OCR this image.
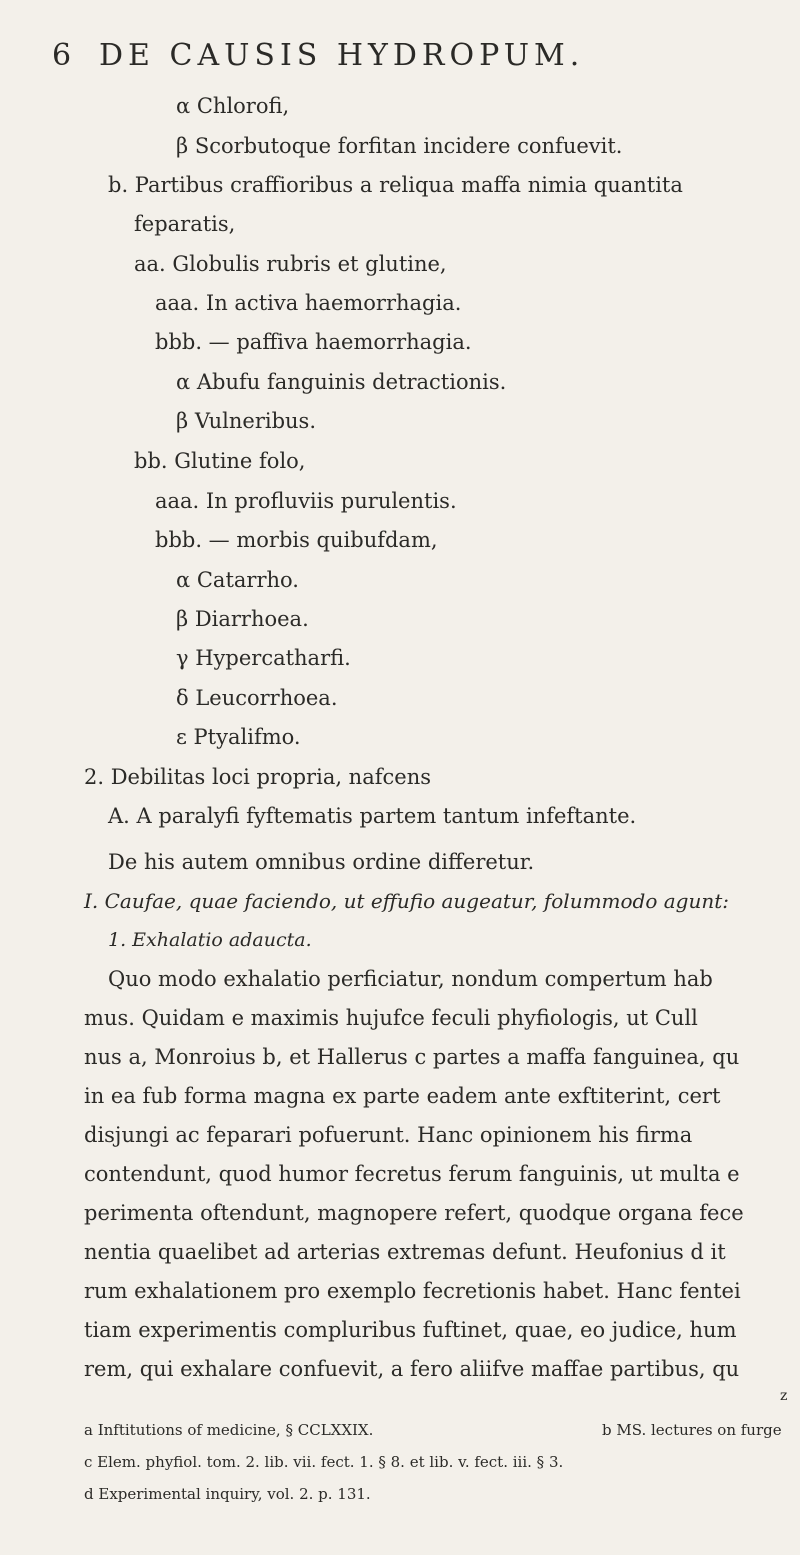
6 DE CAUSIS HYDROPUM.
α Chlorofi,
β Scorbutoque forfitan incidere confuevit.
b. Partibus craffioribus a reliqua maffa nimia quantita
feparatis,
aa. Globulis rubris et glutine,
aaa. In activa haemorrhagia.
bbb. — paffiva haemorrhagia.
α Abufu fanguinis detractionis.
β Vulneribus.
bb. Glutine folo,
aaa. In profluviis purulentis.
bbb. — morbis quibufdam,
α Catarrho.
β Diarrhoea.
γ Hypercatharfi.
δ Leucorrhoea.
ε Ptyalifmo.
2. Debilitas loci propria, nafcens
A. A paralyfi fyftematis partem tantum infeftante.
De his autem omnibus ordine differetur.
I. Caufae, quae faciendo, ut effufio augeatur, folummodo agunt:
1. Exhalatio adaucta.
Quo modo exhalatio perficiatur, nondum compertum hab
mus. Quidam e maximis hujufce feculi phyfiologis, ut Cull
nus a, Monroius b, et Hallerus c partes a maffa fanguinea, qu
in ea fub forma magna ex parte eadem ante exftiterint, cert
disjungi ac feparari pofuerunt. Hanc opinionem his firma
contendunt, quod humor fecretus ferum fanguinis, ut multa e
perimenta oftendunt, magnopere refert, quodque organa fece
nentia quaelibet ad arterias extremas defunt. Heufonius d it
rum exhalationem pro exemplo fecretionis habet. Hanc fentei
tiam experimentis compluribus fuftinet, quae, eo judice, hum
rem, qui exhalare confuevit, a fero aliifve maffae partibus, qu
z
a Inftitutions of medicine, § CCLXXIX.	b MS. lectures on furge
c Elem. phyfiol. tom. 2. lib. vii. fect. 1. § 8. et lib. v. fect. iii. § 3.
d Experimental inquiry, vol. 2. p. 131.
